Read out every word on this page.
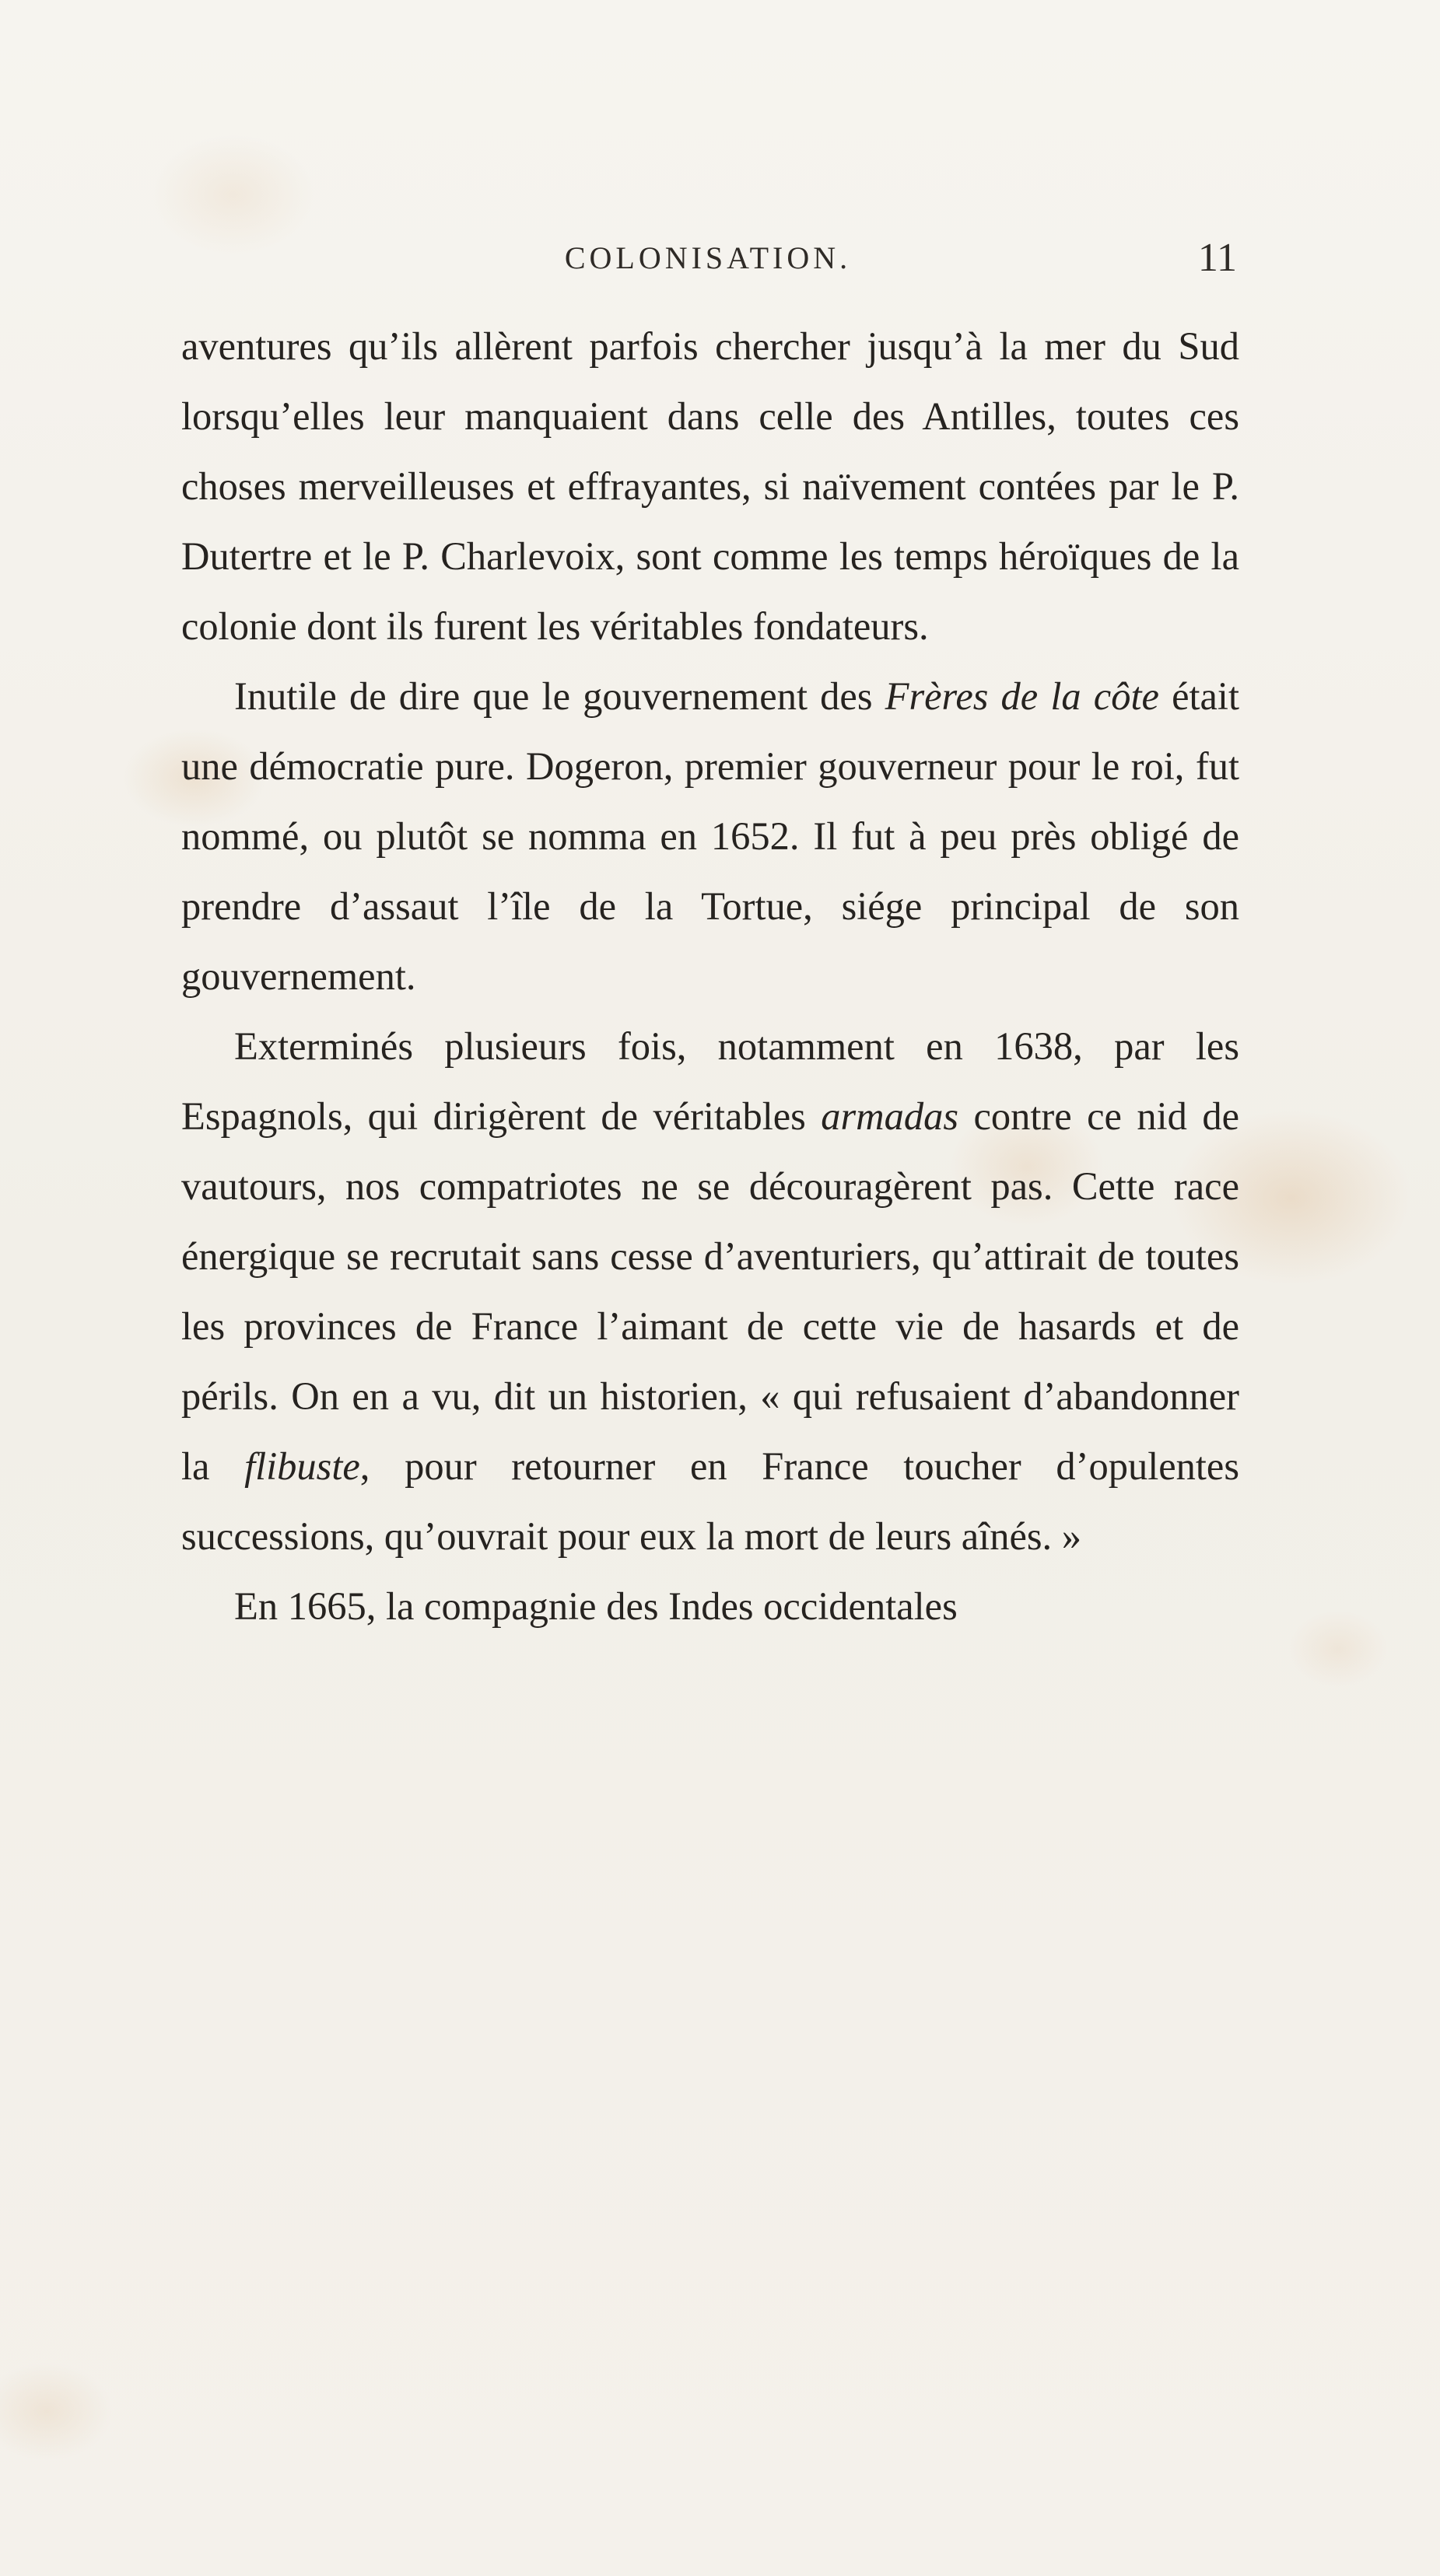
COLONISATION.	11

aventures qu’ils allèrent parfois chercher jusqu’à la mer du Sud lorsqu’elles leur manquaient dans celle des Antilles, toutes ces choses merveilleuses et effrayantes, si naïvement contées par le P. Dutertre et le P. Charlevoix, sont comme les temps héroïques de la colonie dont ils furent les véritables fondateurs.

Inutile de dire que le gouvernement des Frères de la côte était une démocratie pure. Dogeron, premier gouverneur pour le roi, fut nommé, ou plutôt se nomma en 1652. Il fut à peu près obligé de prendre d’assaut l’île de la Tortue, siége principal de son gouvernement.

Exterminés plusieurs fois, notamment en 1638, par les Espagnols, qui dirigèrent de véritables armadas contre ce nid de vautours, nos compatriotes ne se découragèrent pas. Cette race énergique se recrutait sans cesse d’aventuriers, qu’attirait de toutes les provinces de France l’aimant de cette vie de hasards et de périls. On en a vu, dit un historien, « qui refusaient d’abandonner la flibuste, pour retourner en France toucher d’opulentes successions, qu’ouvrait pour eux la mort de leurs aînés. »

En 1665, la compagnie des Indes occidentales
